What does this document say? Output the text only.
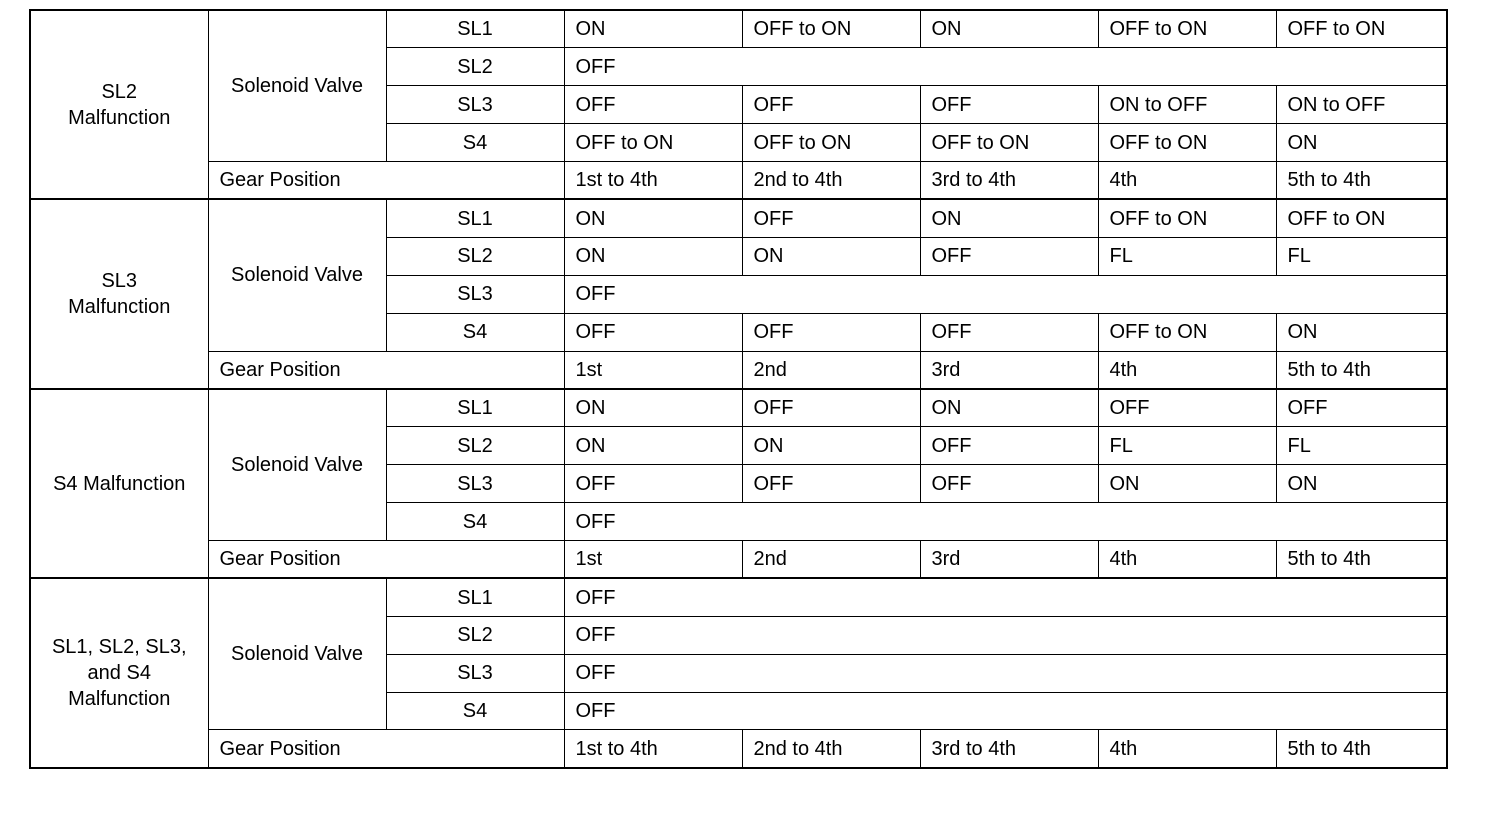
SL2
Malfunction	Solenoid Valve	SL1	ON	OFF to ON	ON	OFF to ON	OFF to ON
		SL2	OFF				
		SL3	OFF	OFF	OFF	ON to OFF	ON to OFF
		S4	OFF to ON	OFF to ON	OFF to ON	OFF to ON	ON
	Gear Position		1st to 4th	2nd to 4th	3rd to 4th	4th	5th to 4th

SL3
Malfunction	Solenoid Valve	SL1	ON	OFF	ON	OFF to ON	OFF to ON
		SL2	ON	ON	OFF	FL	FL
		SL3	OFF				
		S4	OFF	OFF	OFF	OFF to ON	ON
	Gear Position		1st	2nd	3rd	4th	5th to 4th

S4 Malfunction	Solenoid Valve	SL1	ON	OFF	ON	OFF	OFF
		SL2	ON	ON	OFF	FL	FL
		SL3	OFF	OFF	OFF	ON	ON
		S4	OFF				
	Gear Position		1st	2nd	3rd	4th	5th to 4th

SL1, SL2, SL3,
and S4
Malfunction	Solenoid Valve	SL1	OFF				
		SL2	OFF				
		SL3	OFF				
		S4	OFF				
	Gear Position		1st to 4th	2nd to 4th	3rd to 4th	4th	5th to 4th
